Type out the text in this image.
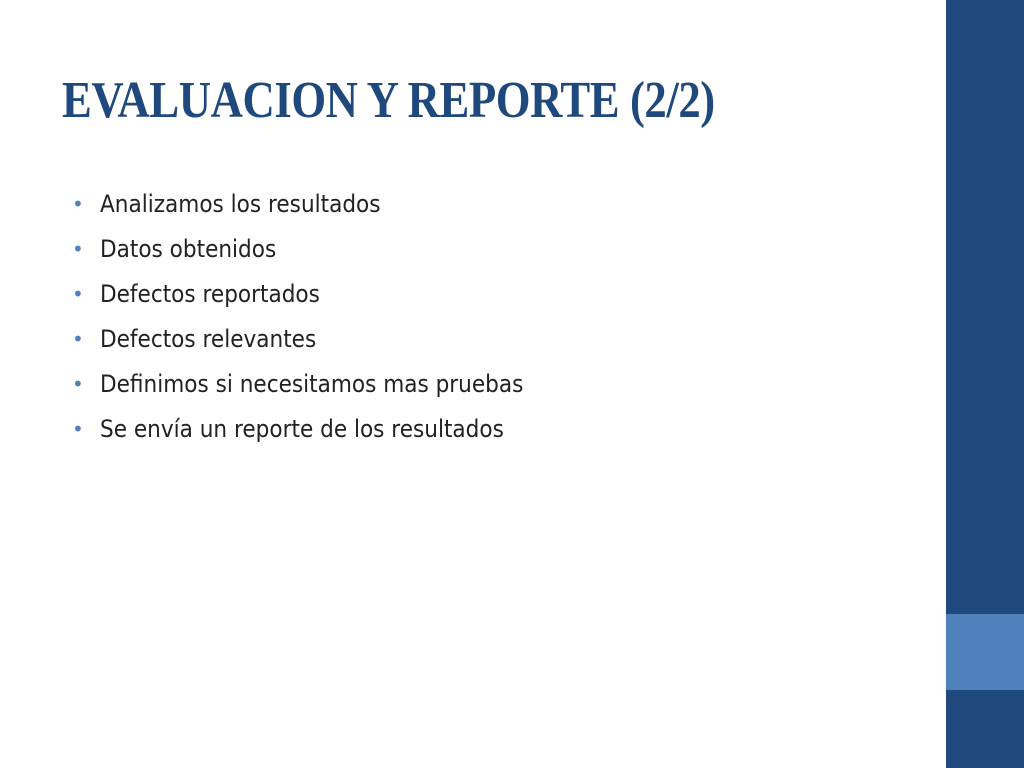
EVALUACION Y REPORTE (2/2)
• Analizamos los resultados
• Datos obtenidos
• Defectos reportados
• Defectos relevantes
• Definimos si necesitamos mas pruebas
• Se envía un reporte de los resultados
